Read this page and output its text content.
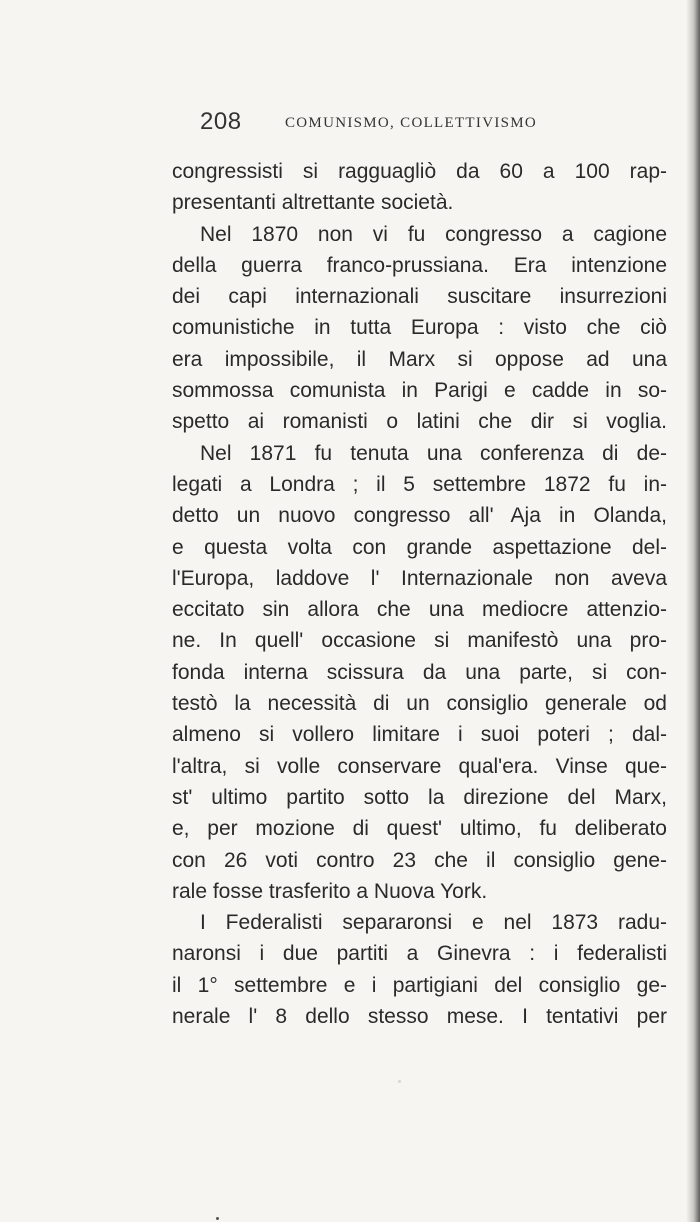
208	COMUNISMO, COLLETTIVISMO
congressisti si ragguagliò da 60 a 100 rap-
presentanti altrettante società.
Nel 1870 non vi fu congresso a cagione
della guerra franco-prussiana. Era intenzione
dei capi internazionali suscitare insurrezioni
comunistiche in tutta Europa : visto che ciò
era impossibile, il Marx si oppose ad una
sommossa comunista in Parigi e cadde in so-
spetto ai romanisti o latini che dir si voglia.
Nel 1871 fu tenuta una conferenza di de-
legati a Londra ; il 5 settembre 1872 fu in-
detto un nuovo congresso all' Aja in Olanda,
e questa volta con grande aspettazione del-
l'Europa, laddove l' Internazionale non aveva
eccitato sin allora che una mediocre attenzio-
ne. In quell' occasione si manifestò una pro-
fonda interna scissura da una parte, si con-
testò la necessità di un consiglio generale od
almeno si vollero limitare i suoi poteri ; dal-
l'altra, si volle conservare qual'era. Vinse que-
st' ultimo partito sotto la direzione del Marx,
e, per mozione di quest' ultimo, fu deliberato
con 26 voti contro 23 che il consiglio gene-
rale fosse trasferito a Nuova York.
I Federalisti separaronsi e nel 1873 radu-
naronsi i due partiti a Ginevra : i federalisti
il 1° settembre e i partigiani del consiglio ge-
nerale l' 8 dello stesso mese. I tentativi per
